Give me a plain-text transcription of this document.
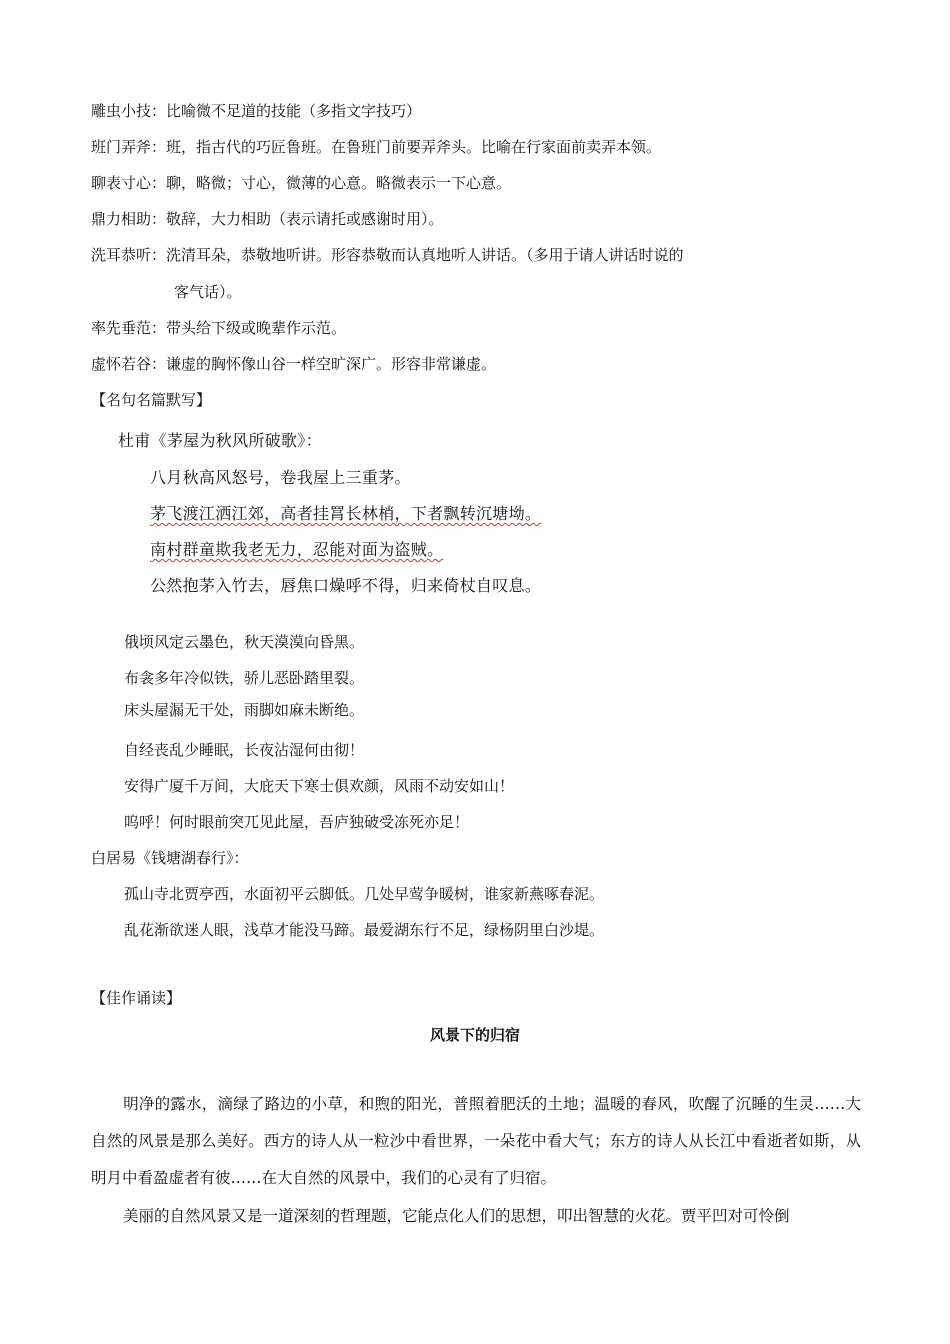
雕虫小技：比喻微不足道的技能（多指文字技巧）
班门弄斧：班，指古代的巧匠鲁班。在鲁班门前要弄斧头。比喻在行家面前卖弄本领。
聊表寸心：聊，略微；寸心，微薄的心意。略微表示一下心意。
鼎力相助：敬辞，大力相助（表示请托或感谢时用）。
洗耳恭听：洗清耳朵，恭敬地听讲。形容恭敬而认真地听人讲话。（多用于请人讲话时说的
客气话）。
率先垂范：带头给下级或晚辈作示范。
虚怀若谷：谦虚的胸怀像山谷一样空旷深广。形容非常谦虚。
【名句名篇默写】
杜甫《茅屋为秋风所破歌》：
八月秋高风怒号，卷我屋上三重茅。
茅飞渡江洒江郊，高者挂罥长林梢，下者飘转沉塘坳。
南村群童欺我老无力，忍能对面为盗贼。
公然抱茅入竹去，唇焦口燥呼不得，归来倚杖自叹息。
俄顷风定云墨色，秋天漠漠向昏黑。
布衾多年冷似铁，骄儿恶卧踏里裂。
床头屋漏无干处，雨脚如麻未断绝。
自经丧乱少睡眠，长夜沾湿何由彻！
安得广厦千万间，大庇天下寒士俱欢颜，风雨不动安如山！
呜呼！何时眼前突兀见此屋，吾庐独破受冻死亦足！
白居易《钱塘湖春行》：
孤山寺北贾亭西，水面初平云脚低。几处早莺争暖树，谁家新燕啄春泥。
乱花渐欲迷人眼，浅草才能没马蹄。最爱湖东行不足，绿杨阴里白沙堤。
【佳作诵读】
风景下的归宿
明净的露水，滴绿了路边的小草，和煦的阳光，普照着肥沃的土地；温暖的春风，吹醒了沉睡的生灵……大自然的风景是那么美好。西方的诗人从一粒沙中看世界，一朵花中看大气；东方的诗人从长江中看逝者如斯，从明月中看盈虚者有彼……在大自然的风景中，我们的心灵有了归宿。
美丽的自然风景又是一道深刻的哲理题，它能点化人们的思想，叩出智慧的火花。贾平凹对可怜倒
